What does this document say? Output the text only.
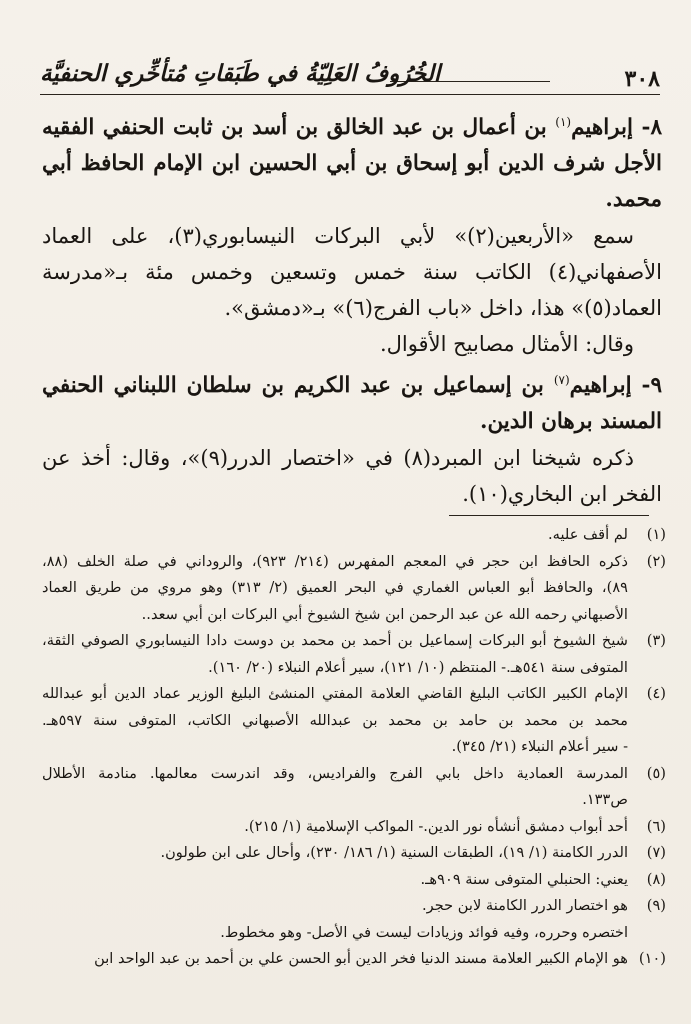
٣٠٨
الخُرُوفُ العَلِيّةُ في طَبَقاتِ مُتأخِّري الحنفيَّة

٨- إبراهيم$^{(١)}$ بن أعمال بن عبد الخالق بن أسد بن ثابت الحنفي الفقيه الأجل شرف الدين أبو إسحاق بن أبي الحسين ابن الإمام الحافظ أبي محمد.

سمع «الأربعين(٢)» لأبي البركات النيسابوري(٣)، على العماد الأصفهاني(٤) الكاتب سنة خمس وتسعين وخمس مئة بـ«مدرسة العماد(٥)» هذا، داخل «باب الفرج(٦)» بـ«دمشق».

وقال: الأمثال مصابيح الأقوال.

٩- إبراهيم$^{(٧)}$ بن إسماعيل بن عبد الكريم بن سلطان اللبناني الحنفي المسند برهان الدين.

ذكره شيخنا ابن المبرد(٨) في «اختصار الدرر(٩)»، وقال: أخذ عن الفخر ابن البخاري(١٠).

(١)
لم أقف عليه.
(٢)
ذكره الحافظ ابن حجر في المعجم المفهرس (٢١٤/ ٩٢٣)، والروداني في صلة الخلف (٨٨،
٨٩)، والحافظ أبو العباس الغماري في البحر العميق (٢/ ٣١٣) وهو مروي من طريق العماد
الأصبهاني رحمه الله عن عبد الرحمن ابن شيخ الشيوخ أبي البركات ابن أبي سعد..
(٣)
شيخ الشيوخ أبو البركات إسماعيل بن أحمد بن محمد بن دوست دادا النيسابوري الصوفي الثقة،
المتوفى سنة ٥٤١هـ.- المنتظم (١٠/ ١٢١)، سير أعلام النبلاء (٢٠/ ١٦٠).
(٤)
الإمام الكبير الكاتب البليغ القاضي العلامة المفتي المنشئ البليغ الوزير عماد الدين أبو عبدالله
محمد بن محمد بن حامد بن محمد بن عبدالله الأصبهاني الكاتب، المتوفى سنة ٥٩٧هـ.
- سير أعلام النبلاء (٢١/ ٣٤٥).
(٥)
المدرسة العمادية داخل بابي الفرج والفراديس، وقد اندرست معالمها. منادمة الأطلال
ص١٣٣.
(٦)
أحد أبواب دمشق أنشأه نور الدين.- المواكب الإسلامية (١/ ٢١٥).
(٧)
الدرر الكامنة (١/ ١٩)، الطبقات السنية (١/ ١٨٦/ ٢٣٠)، وأحال على ابن طولون.
(٨)
يعني: الحنبلي المتوفى سنة ٩٠٩هـ.
(٩)
هو اختصار الدرر الكامنة لابن حجر.
اختصره وحرره، وفيه فوائد وزيادات ليست في الأصل- وهو مخطوط.
(١٠)
هو الإمام الكبير العلامة مسند الدنيا فخر الدين أبو الحسن علي بن أحمد بن عبد الواحد ابن
